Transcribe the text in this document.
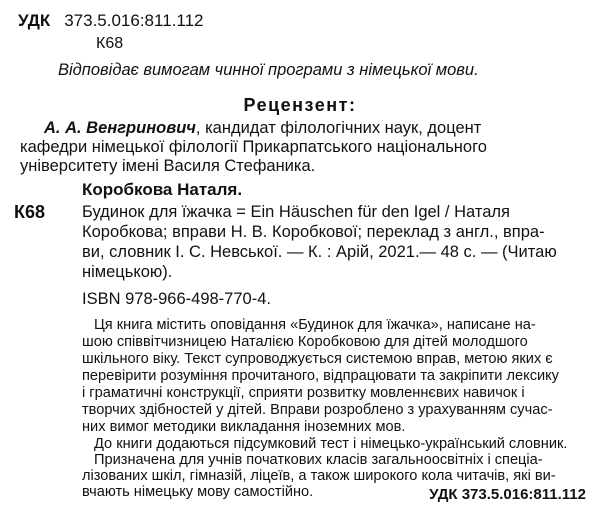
УДК 373.5.016:811.112
К68
Відповідає вимогам чинної програми з німецької мови.
Рецензент:
А. А. Венгринович, кандидат філологічних наук, доцент
кафедри німецької філології Прикарпатського національного
університету імені Василя Стефаника.
Коробкова Наталя.
К68 Будинок для їжачка = Ein Häuschen für den Igel / Наталя
Коробкова; вправи Н. В. Коробкової; переклад з англ., впра-
ви, словник І. С. Невської. — К. : Арій, 2021.— 48 с. — (Читаю
німецькою).
ISBN 978-966-498-770-4.
Ця книга містить оповідання «Будинок для їжачка», написане на-
шою співвітчизницею Наталією Коробковою для дітей молодшого
шкільного віку. Текст супроводжується системою вправ, метою яких є
перевірити розуміння прочитаного, відпрацювати та закріпити лексику
і граматичні конструкції, сприяти розвитку мовленнєвих навичок і
творчих здібностей у дітей. Вправи розроблено з урахуванням сучас-
них вимог методики викладання іноземних мов.
До книги додаються підсумковий тест і німецько-український словник.
Призначена для учнів початкових класів загальноосвітніх і спеціа-
лізованих шкіл, гімназій, ліцеїв, а також широкого кола читачів, які ви-
вчають німецьку мову самостійно.	УДК 373.5.016:811.112
